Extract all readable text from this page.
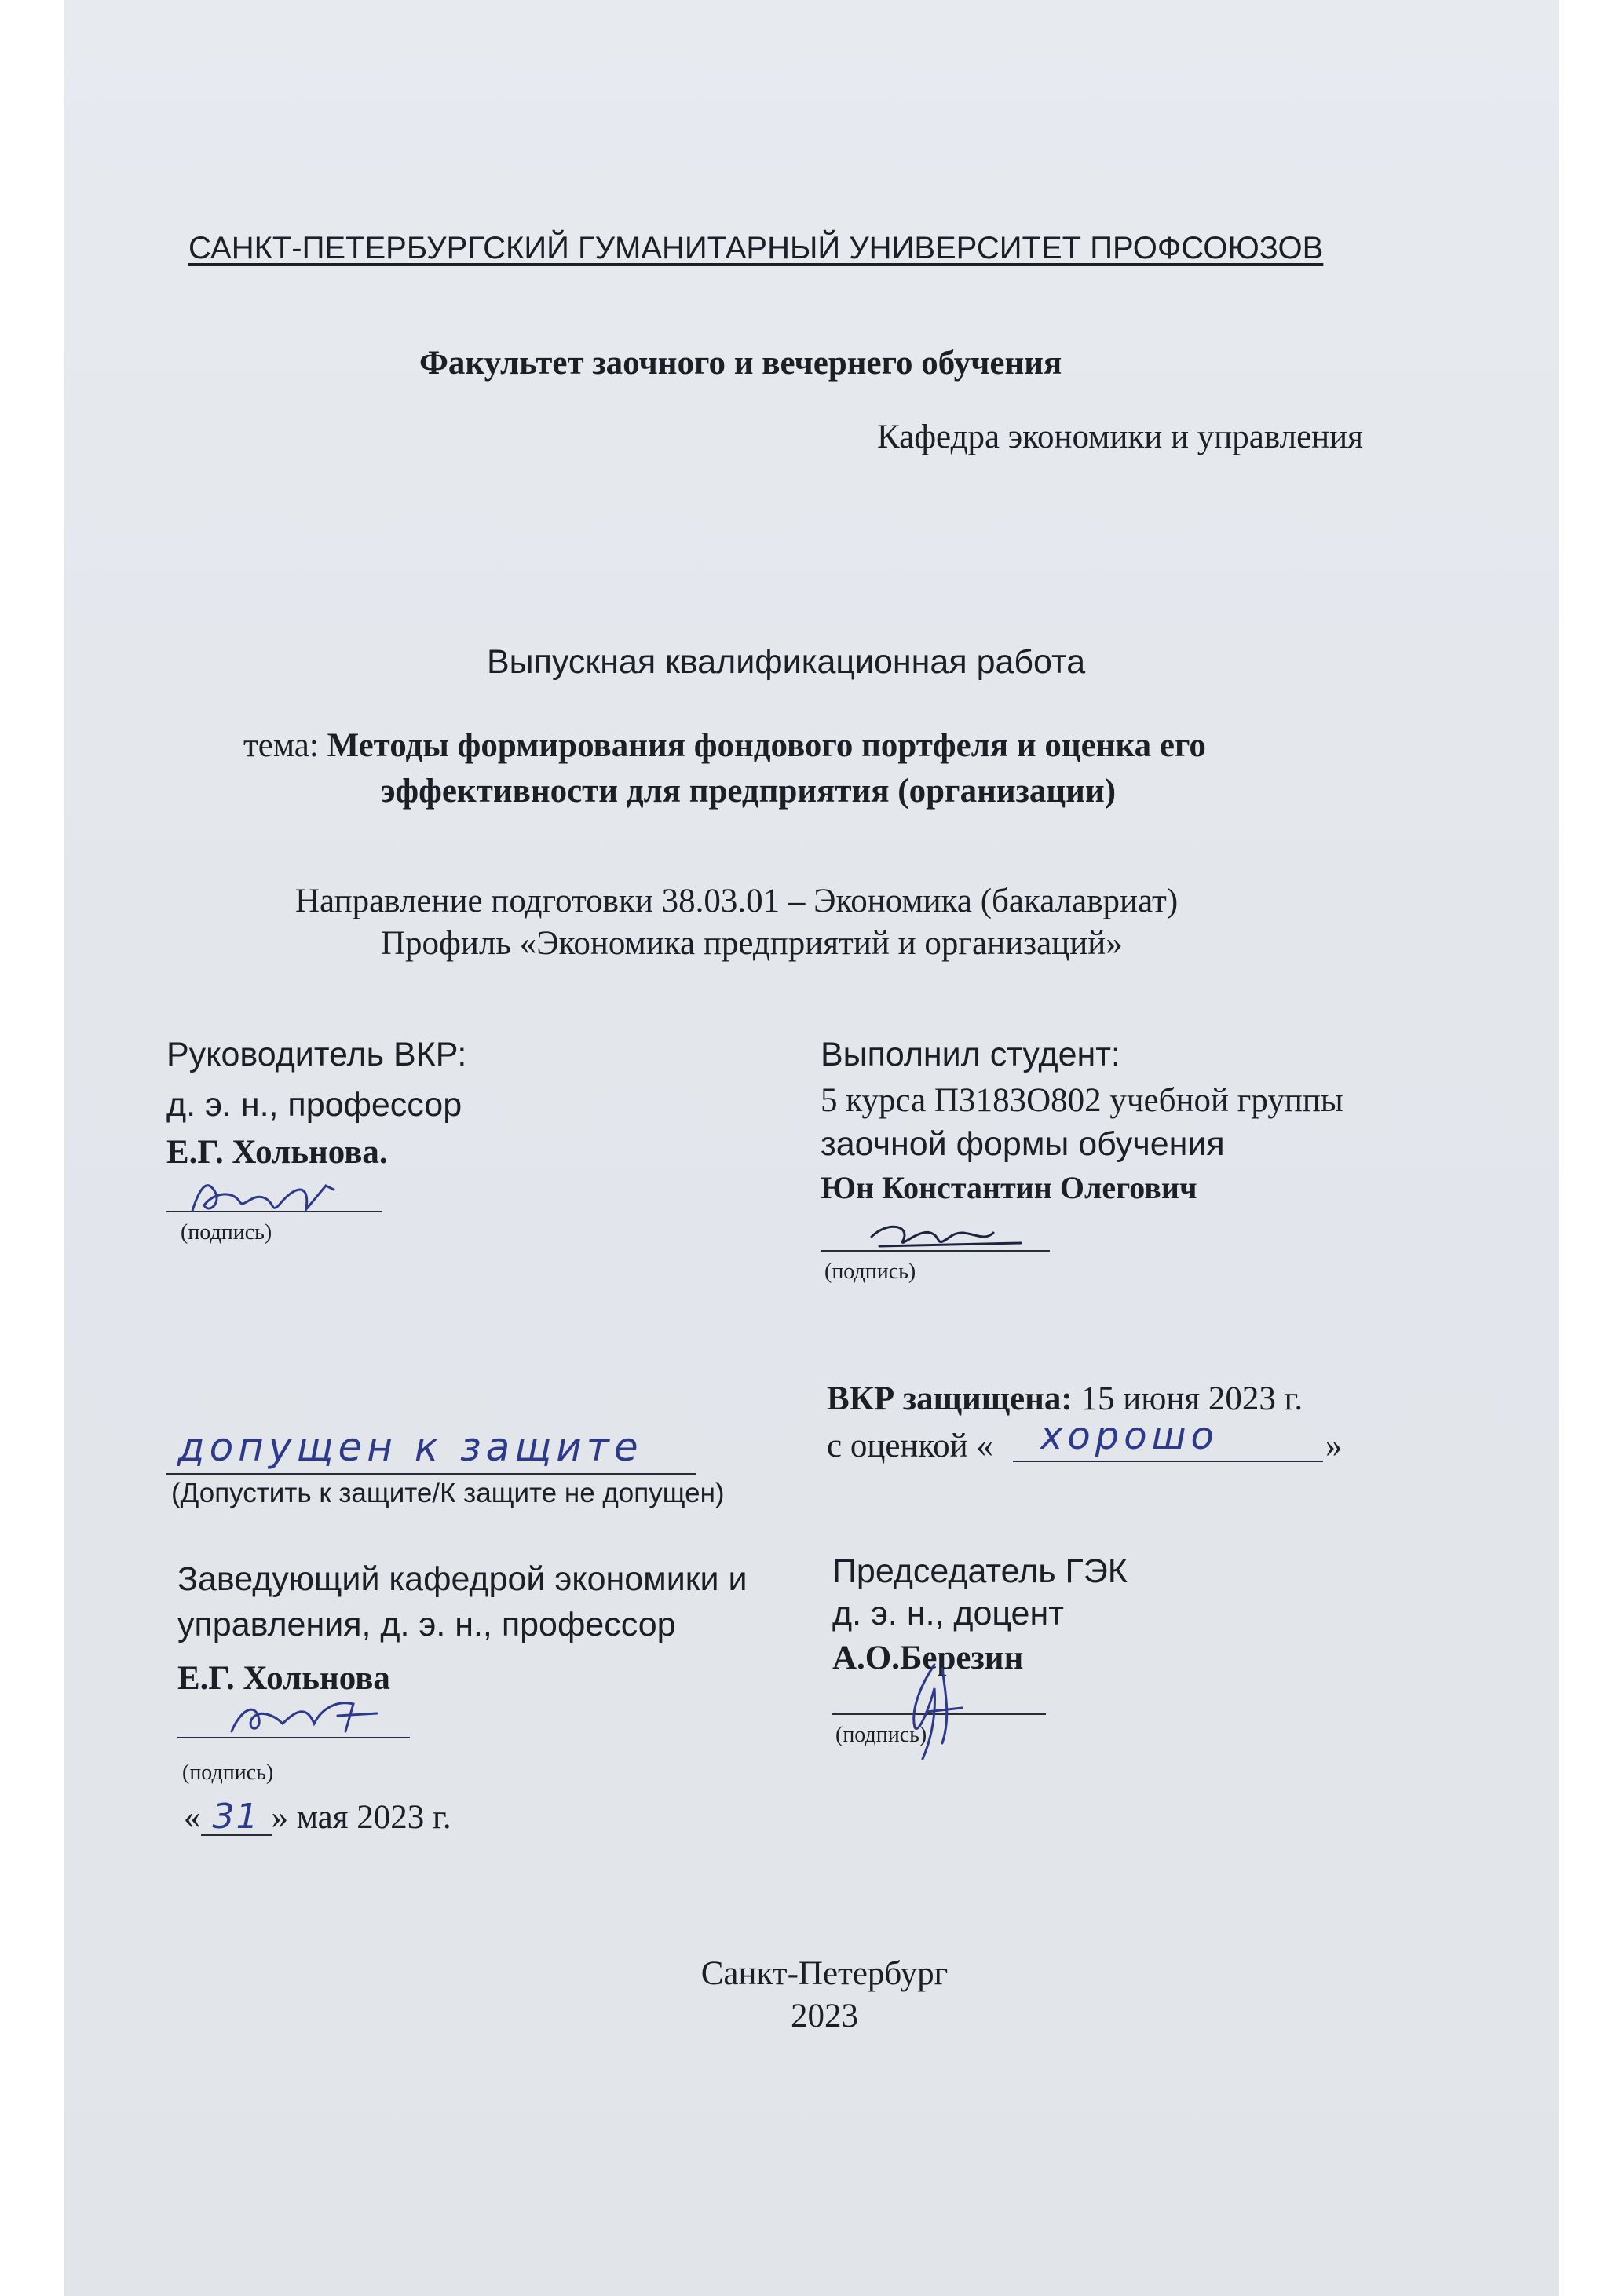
САНКТ-ПЕТЕРБУРГСКИЙ ГУМАНИТАРНЫЙ УНИВЕРСИТЕТ ПРОФСОЮЗОВ
Факультет заочного и вечернего обучения
Кафедра экономики и управления
Выпускная квалификационная работа
тема: Методы формирования фондового портфеля и оценка его
эффективности для предприятия (организации)
Направление подготовки 38.03.01 – Экономика (бакалавриат)
Профиль «Экономика предприятий и организаций»
Руководитель ВКР:
д. э. н., профессор
Е.Г. Хольнова.
(подпись)
Выполнил студент:
5 курса ПЗ18ЗО802 учебной группы
заочной формы обучения
Юн Константин Олегович
(подпись)
ВКР защищена: 15 июня 2023 г.
с оценкой « хорошо	»
допущен к защите
(Допустить к защите/К защите не допущен)
Заведующий кафедрой экономики и
управления, д. э. н., профессор
Е.Г. Хольнова
(подпись)
« 31 » мая 2023 г.
Председатель ГЭК
д. э. н., доцент
А.О.Березин
(подпись)
Санкт-Петербург
2023
